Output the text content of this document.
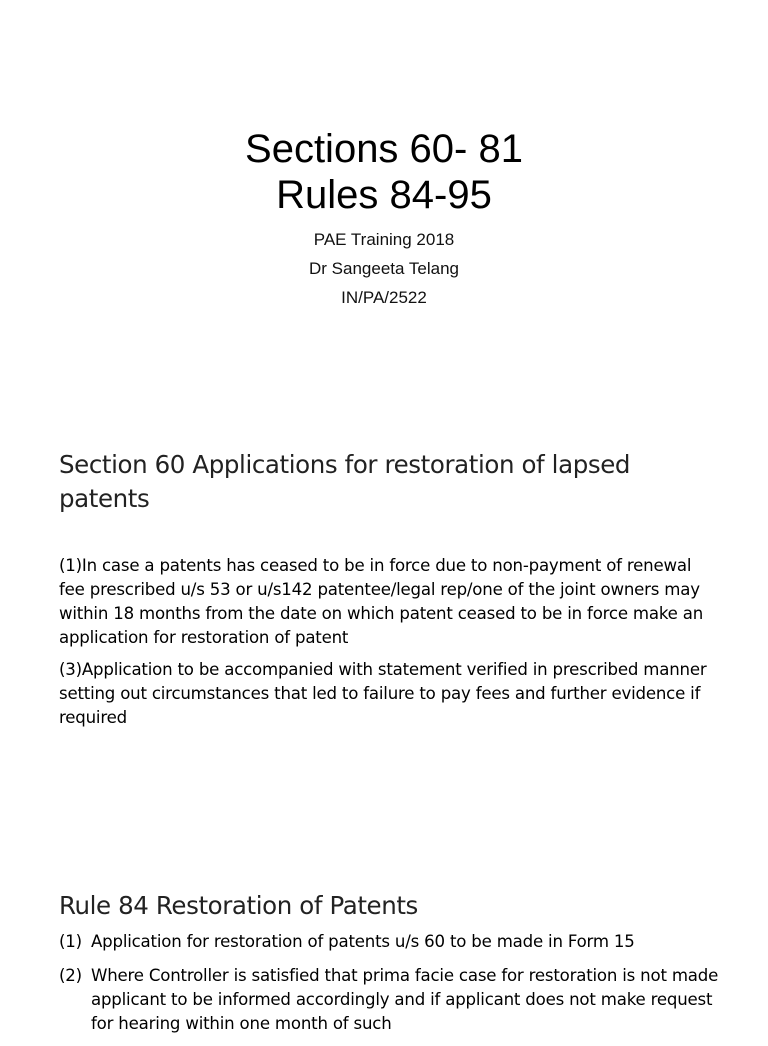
Sections 60- 81
Rules 84-95
PAE Training 2018
Dr Sangeeta Telang
IN/PA/2522
Section 60 Applications for restoration of lapsed patents
(1)In case a patents has ceased to be in force due to non-payment of renewal fee prescribed u/s 53 or u/s142 patentee/legal rep/one of the joint owners may within 18 months from the date on which patent ceased to be in force make an application for restoration of patent
(3)Application to be accompanied with statement verified in prescribed manner setting out circumstances that led to failure to pay fees and further evidence if required
Rule 84 Restoration of Patents
(1) Application for restoration of patents u/s 60 to be made in Form 15
(2) Where Controller is satisfied that prima facie case for restoration is not made applicant to be informed accordingly and if applicant does not make request for hearing within one month of such
